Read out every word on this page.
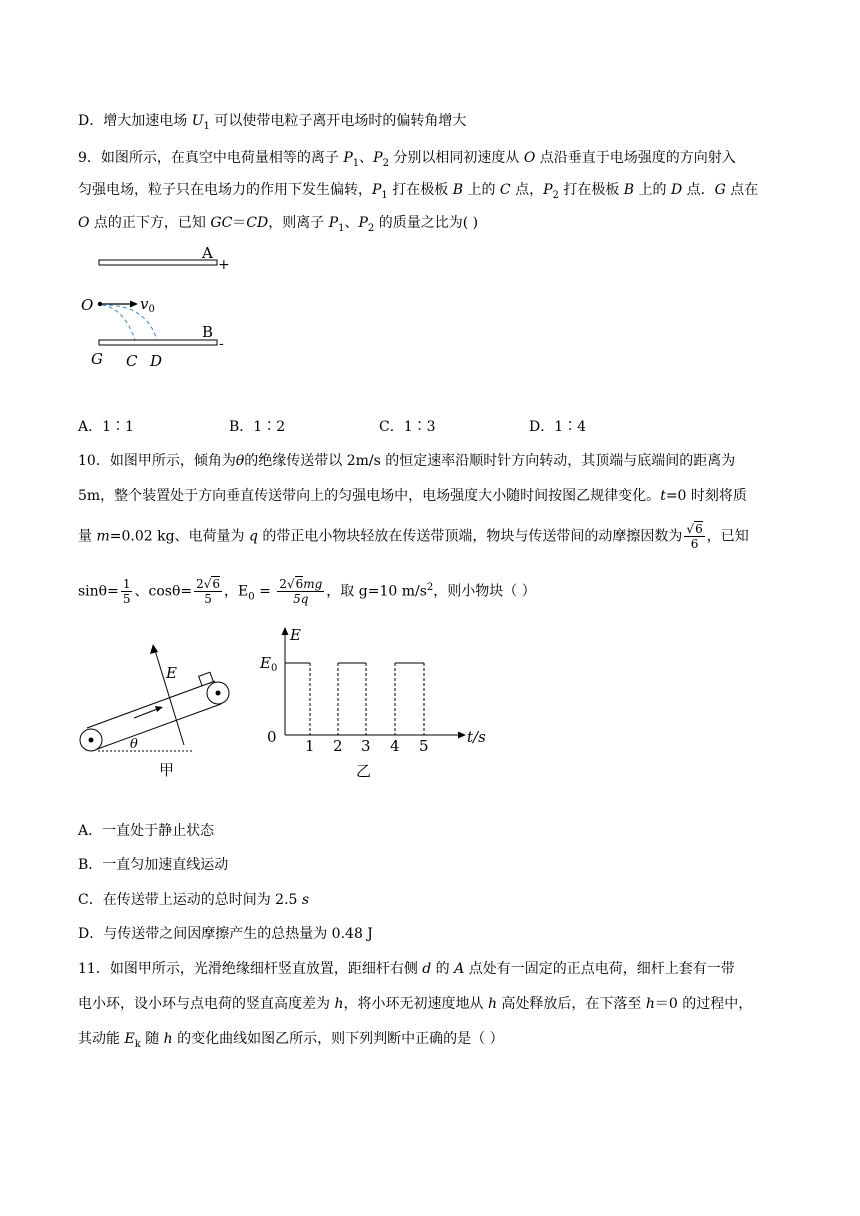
D．增大加速电场 $U_1$ 可以使带电粒子离开电场时的偏转角增大
9．如图所示，在真空中电荷量相等的离子 $P_1$、$P_2$ 分别以相同初速度从 O 点沿垂直于电场强度的方向射入
匀强电场，粒子只在电场力的作用下发生偏转，$P_1$ 打在极板 B 上的 C 点，$P_2$ 打在极板 B 上的 D 点．G 点在
O 点的正下方，已知 GC＝CD，则离子 $P_1$、$P_2$ 的质量之比为( )
A
+
O	$v_0$
B
-
G C D
A．1∶1	B．1∶2	C．1∶3	D．1∶4
10．如图甲所示，倾角为θ的绝缘传送带以 2m/s 的恒定速率沿顺时针方向转动，其顶端与底端间的距离为
5m，整个装置处于方向垂直传送带向上的匀强电场中，电场强度大小随时间按图乙规律变化。t=0 时刻将质
量 m=0.02 kg、电荷量为 q 的带正电小物块轻放在传送带顶端，物块与传送带间的动摩擦因数为 $\frac{√6}{6}$ ，已知
$\sin\theta= \frac{1}{5}$ 、$\cos\theta= \frac{2√6}{5}$ ，$E_0 = \frac{2√6mg}{5q}$ ，取 g=10 $m/s^2$，则小物块（ ）
E
θ
甲
E
t/s
$E_0$
0 1 2 3 4 5
乙
A．一直处于静止状态
B．一直匀加速直线运动
C．在传送带上运动的总时间为 2.5 s
D．与传送带之间因摩擦产生的总热量为 0.48 J
11．如图甲所示，光滑绝缘细杆竖直放置，距细杆右侧 d 的 A 点处有一固定的正点电荷，细杆上套有一带
电小环，设小环与点电荷的竖直高度差为 h，将小环无初速度地从 h 高处释放后，在下落至 h＝0 的过程中，
其动能 $E_k$ 随 h 的变化曲线如图乙所示，则下列判断中正确的是（ ）
